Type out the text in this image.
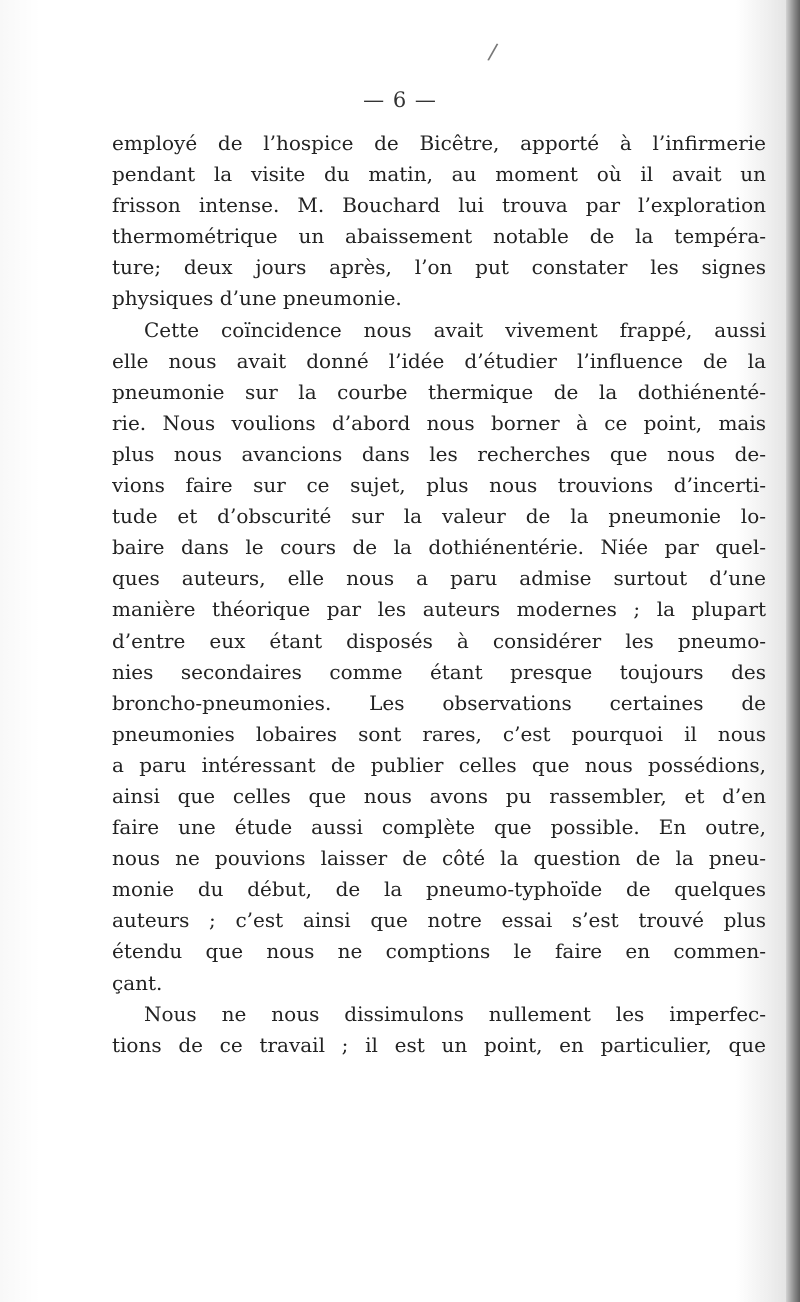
/
— 6 —
employé de l’hospice de Bicêtre, apporté à l’infirmerie
pendant la visite du matin, au moment où il avait un
frisson intense. M. Bouchard lui trouva par l’exploration
thermométrique un abaissement notable de la tempéra-
ture; deux jours après, l’on put constater les signes
physiques d’une pneumonie.
Cette coïncidence nous avait vivement frappé, aussi
elle nous avait donné l’idée d’étudier l’influence de la
pneumonie sur la courbe thermique de la dothiénenté-
rie. Nous voulions d’abord nous borner à ce point, mais
plus nous avancions dans les recherches que nous de-
vions faire sur ce sujet, plus nous trouvions d’incerti-
tude et d’obscurité sur la valeur de la pneumonie lo-
baire dans le cours de la dothiénentérie. Niée par quel-
ques auteurs, elle nous a paru admise surtout d’une
manière théorique par les auteurs modernes ; la plupart
d’entre eux étant disposés à considérer les pneumo-
nies secondaires comme étant presque toujours des
broncho-pneumonies. Les observations certaines de
pneumonies lobaires sont rares, c’est pourquoi il nous
a paru intéressant de publier celles que nous possédions,
ainsi que celles que nous avons pu rassembler, et d’en
faire une étude aussi complète que possible. En outre,
nous ne pouvions laisser de côté la question de la pneu-
monie du début, de la pneumo-typhoïde de quelques
auteurs ; c’est ainsi que notre essai s’est trouvé plus
étendu que nous ne comptions le faire en commen-
çant.
Nous ne nous dissimulons nullement les imperfec-
tions de ce travail ; il est un point, en particulier, que
